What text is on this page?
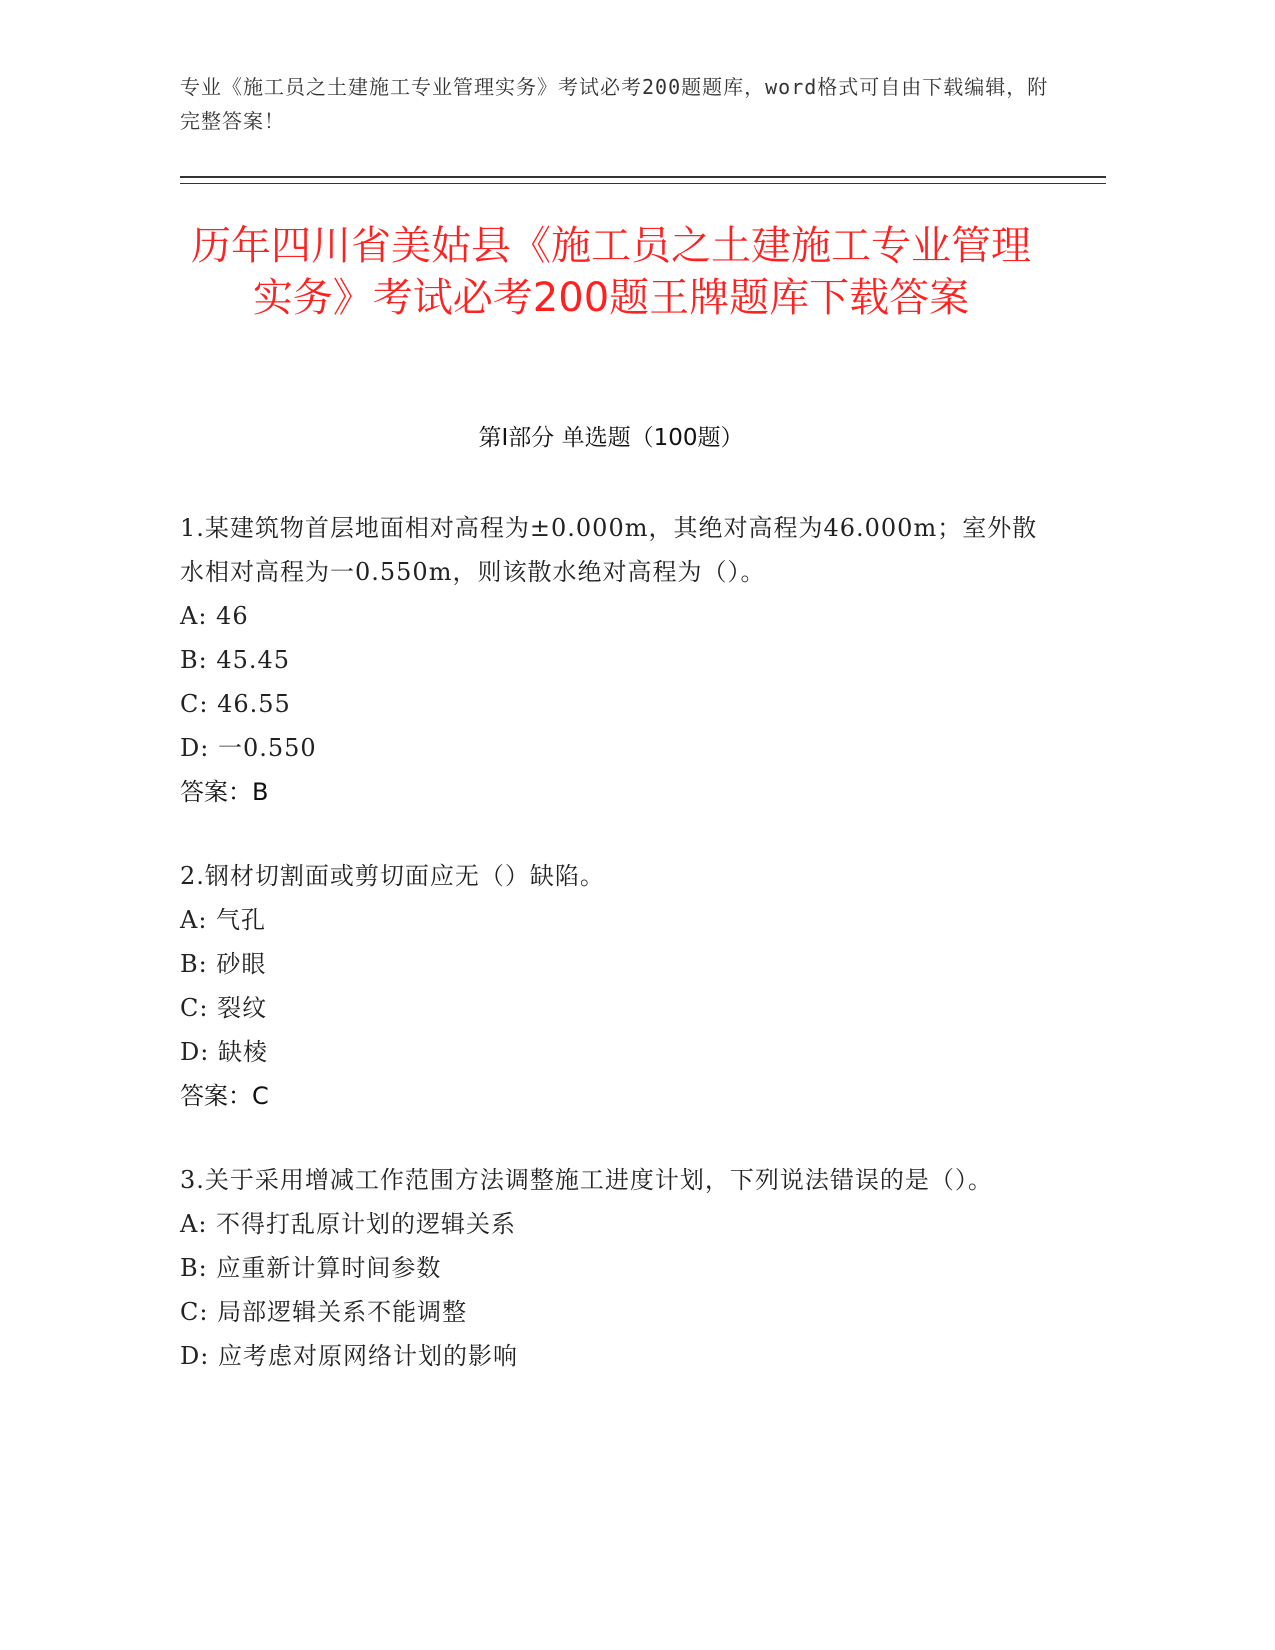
专业《施工员之土建施工专业管理实务》考试必考200题题库，word格式可自由下载编辑，附完整答案！
历年四川省美姑县《施工员之土建施工专业管理实务》考试必考200题王牌题库下载答案
第Ⅰ部分 单选题（100题）
1.某建筑物首层地面相对高程为±0.000m，其绝对高程为46.000m；室外散水相对高程为一0.550m，则该散水绝对高程为（）。
A: 46
B: 45.45
C: 46.55
D: 一0.550
答案：B
2.钢材切割面或剪切面应无（）缺陷。
A: 气孔
B: 砂眼
C: 裂纹
D: 缺棱
答案：C
3.关于采用增减工作范围方法调整施工进度计划，下列说法错误的是（）。
A: 不得打乱原计划的逻辑关系
B: 应重新计算时间参数
C: 局部逻辑关系不能调整
D: 应考虑对原网络计划的影响
